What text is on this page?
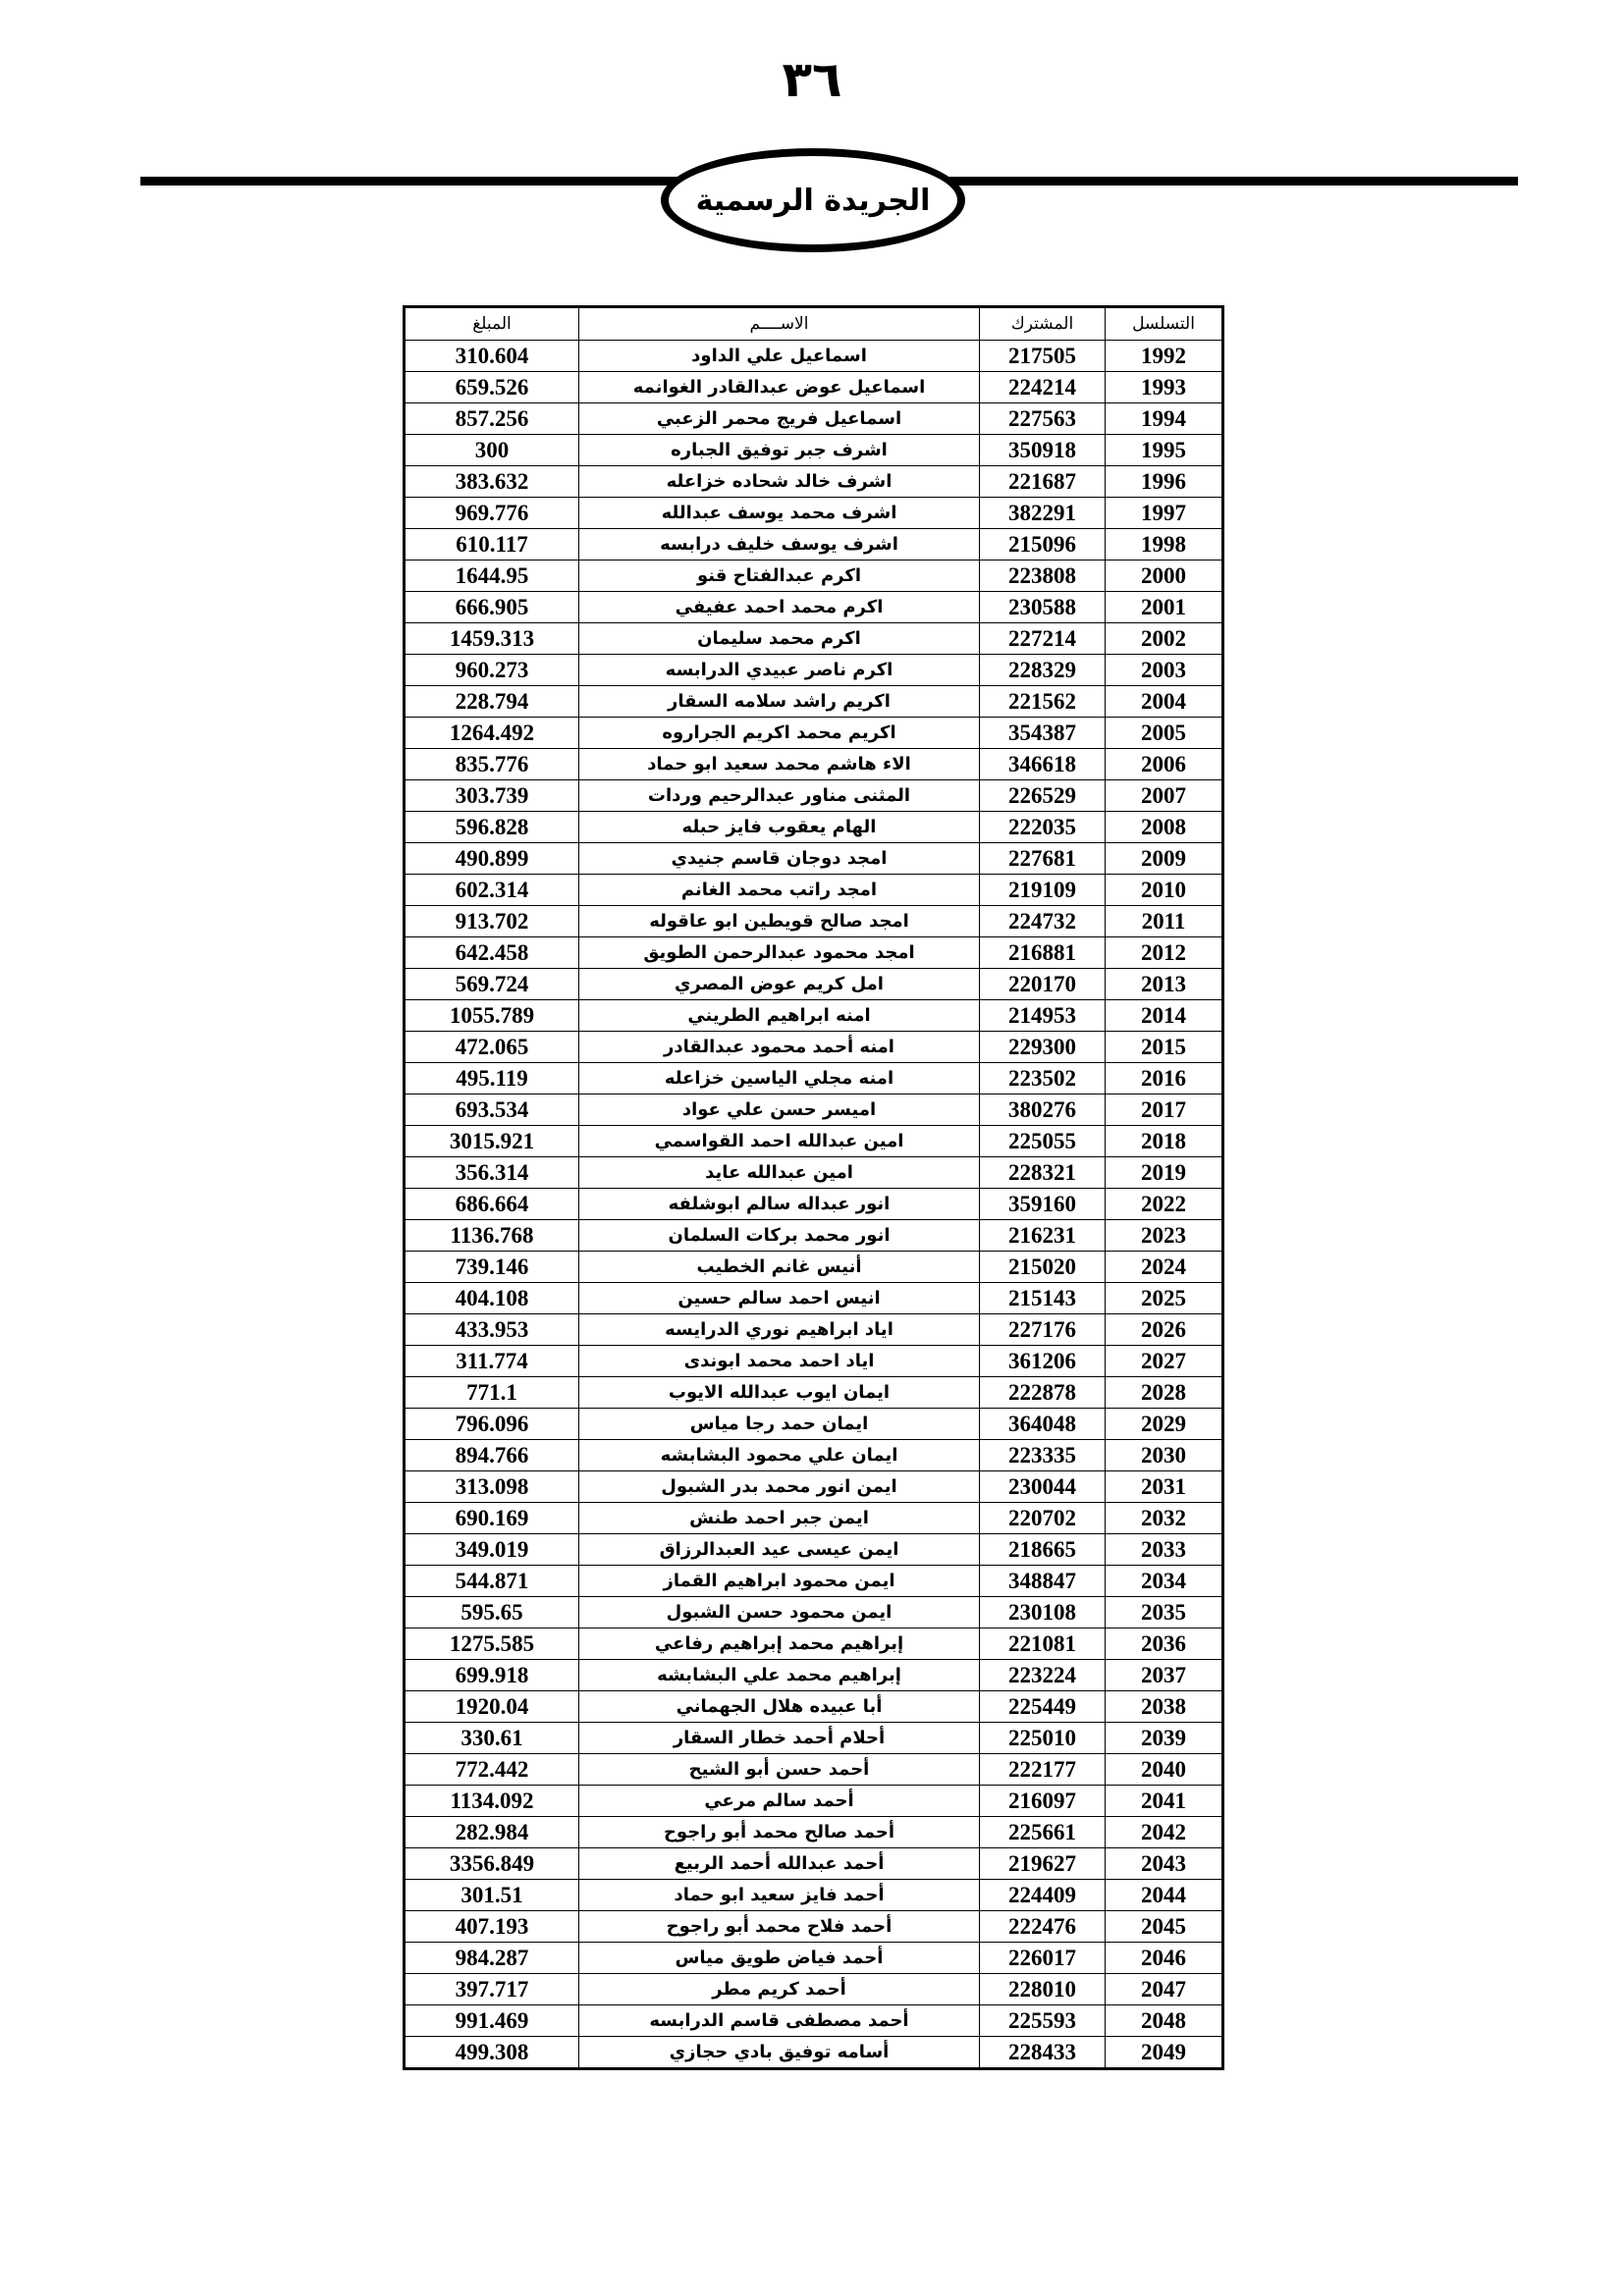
٣٦
الجريدة الرسمية
المبلغ	الاســــم	المشترك	التسلسل
310.604	اسماعيل علي الداود	217505	1992
659.526	اسماعيل عوض عبدالقادر الغوانمه	224214	1993
857.256	اسماعيل فريج محمر الزعبي	227563	1994
300	اشرف جبر توفيق الجباره	350918	1995
383.632	اشرف خالد شحاده خزاعله	221687	1996
969.776	اشرف محمد يوسف عبدالله	382291	1997
610.117	اشرف يوسف خليف درابسه	215096	1998
1644.95	اكرم عبدالفتاح قنو	223808	2000
666.905	اكرم محمد احمد عفيفي	230588	2001
1459.313	اكرم محمد سليمان	227214	2002
960.273	اكرم ناصر عبيدي الدرابسه	228329	2003
228.794	اكريم راشد سلامه السقار	221562	2004
1264.492	اكريم محمد اكريم الجراروه	354387	2005
835.776	الاء هاشم محمد سعيد ابو حماد	346618	2006
303.739	المثنى مناور عبدالرحيم وردات	226529	2007
596.828	الهام يعقوب فايز حبله	222035	2008
490.899	امجد دوجان قاسم جنيدي	227681	2009
602.314	امجد راتب محمد الغانم	219109	2010
913.702	امجد صالح قويطين ابو عاقوله	224732	2011
642.458	امجد محمود عبدالرحمن الطويق	216881	2012
569.724	امل كريم عوض المصري	220170	2013
1055.789	امنه ابراهيم الطريني	214953	2014
472.065	امنه أحمد محمود عبدالقادر	229300	2015
495.119	امنه مجلي الياسين خزاعله	223502	2016
693.534	اميسر حسن علي عواد	380276	2017
3015.921	امين عبدالله احمد القواسمي	225055	2018
356.314	امين عبدالله عايد	228321	2019
686.664	انور عبداله سالم ابوشلفه	359160	2022
1136.768	انور محمد بركات السلمان	216231	2023
739.146	أنيس غانم الخطيب	215020	2024
404.108	انيس احمد سالم حسين	215143	2025
433.953	اياد ابراهيم نوري الدرايسه	227176	2026
311.774	اياد احمد محمد ابوندى	361206	2027
771.1	ايمان ايوب عبدالله الايوب	222878	2028
796.096	ايمان حمد رجا مياس	364048	2029
894.766	ايمان علي محمود البشابشه	223335	2030
313.098	ايمن انور محمد بدر الشبول	230044	2031
690.169	ايمن جبر احمد طنش	220702	2032
349.019	ايمن عيسى عيد العبدالرزاق	218665	2033
544.871	ايمن محمود ابراهيم القماز	348847	2034
595.65	ايمن محمود حسن الشبول	230108	2035
1275.585	إبراهيم محمد إبراهيم رفاعي	221081	2036
699.918	إبراهيم محمد علي البشابشه	223224	2037
1920.04	أبا عبيده هلال الجهماني	225449	2038
330.61	أحلام أحمد خطار السقار	225010	2039
772.442	أحمد حسن أبو الشيح	222177	2040
1134.092	أحمد سالم مرعي	216097	2041
282.984	أحمد صالح محمد أبو راجوح	225661	2042
3356.849	أحمد عبدالله أحمد الربيع	219627	2043
301.51	أحمد فايز سعيد ابو حماد	224409	2044
407.193	أحمد فلاح محمد أبو راجوح	222476	2045
984.287	أحمد فياض طويق مياس	226017	2046
397.717	أحمد كريم مطر	228010	2047
991.469	أحمد مصطفى قاسم الدرابسه	225593	2048
499.308	أسامه توفيق بادي حجازي	228433	2049
